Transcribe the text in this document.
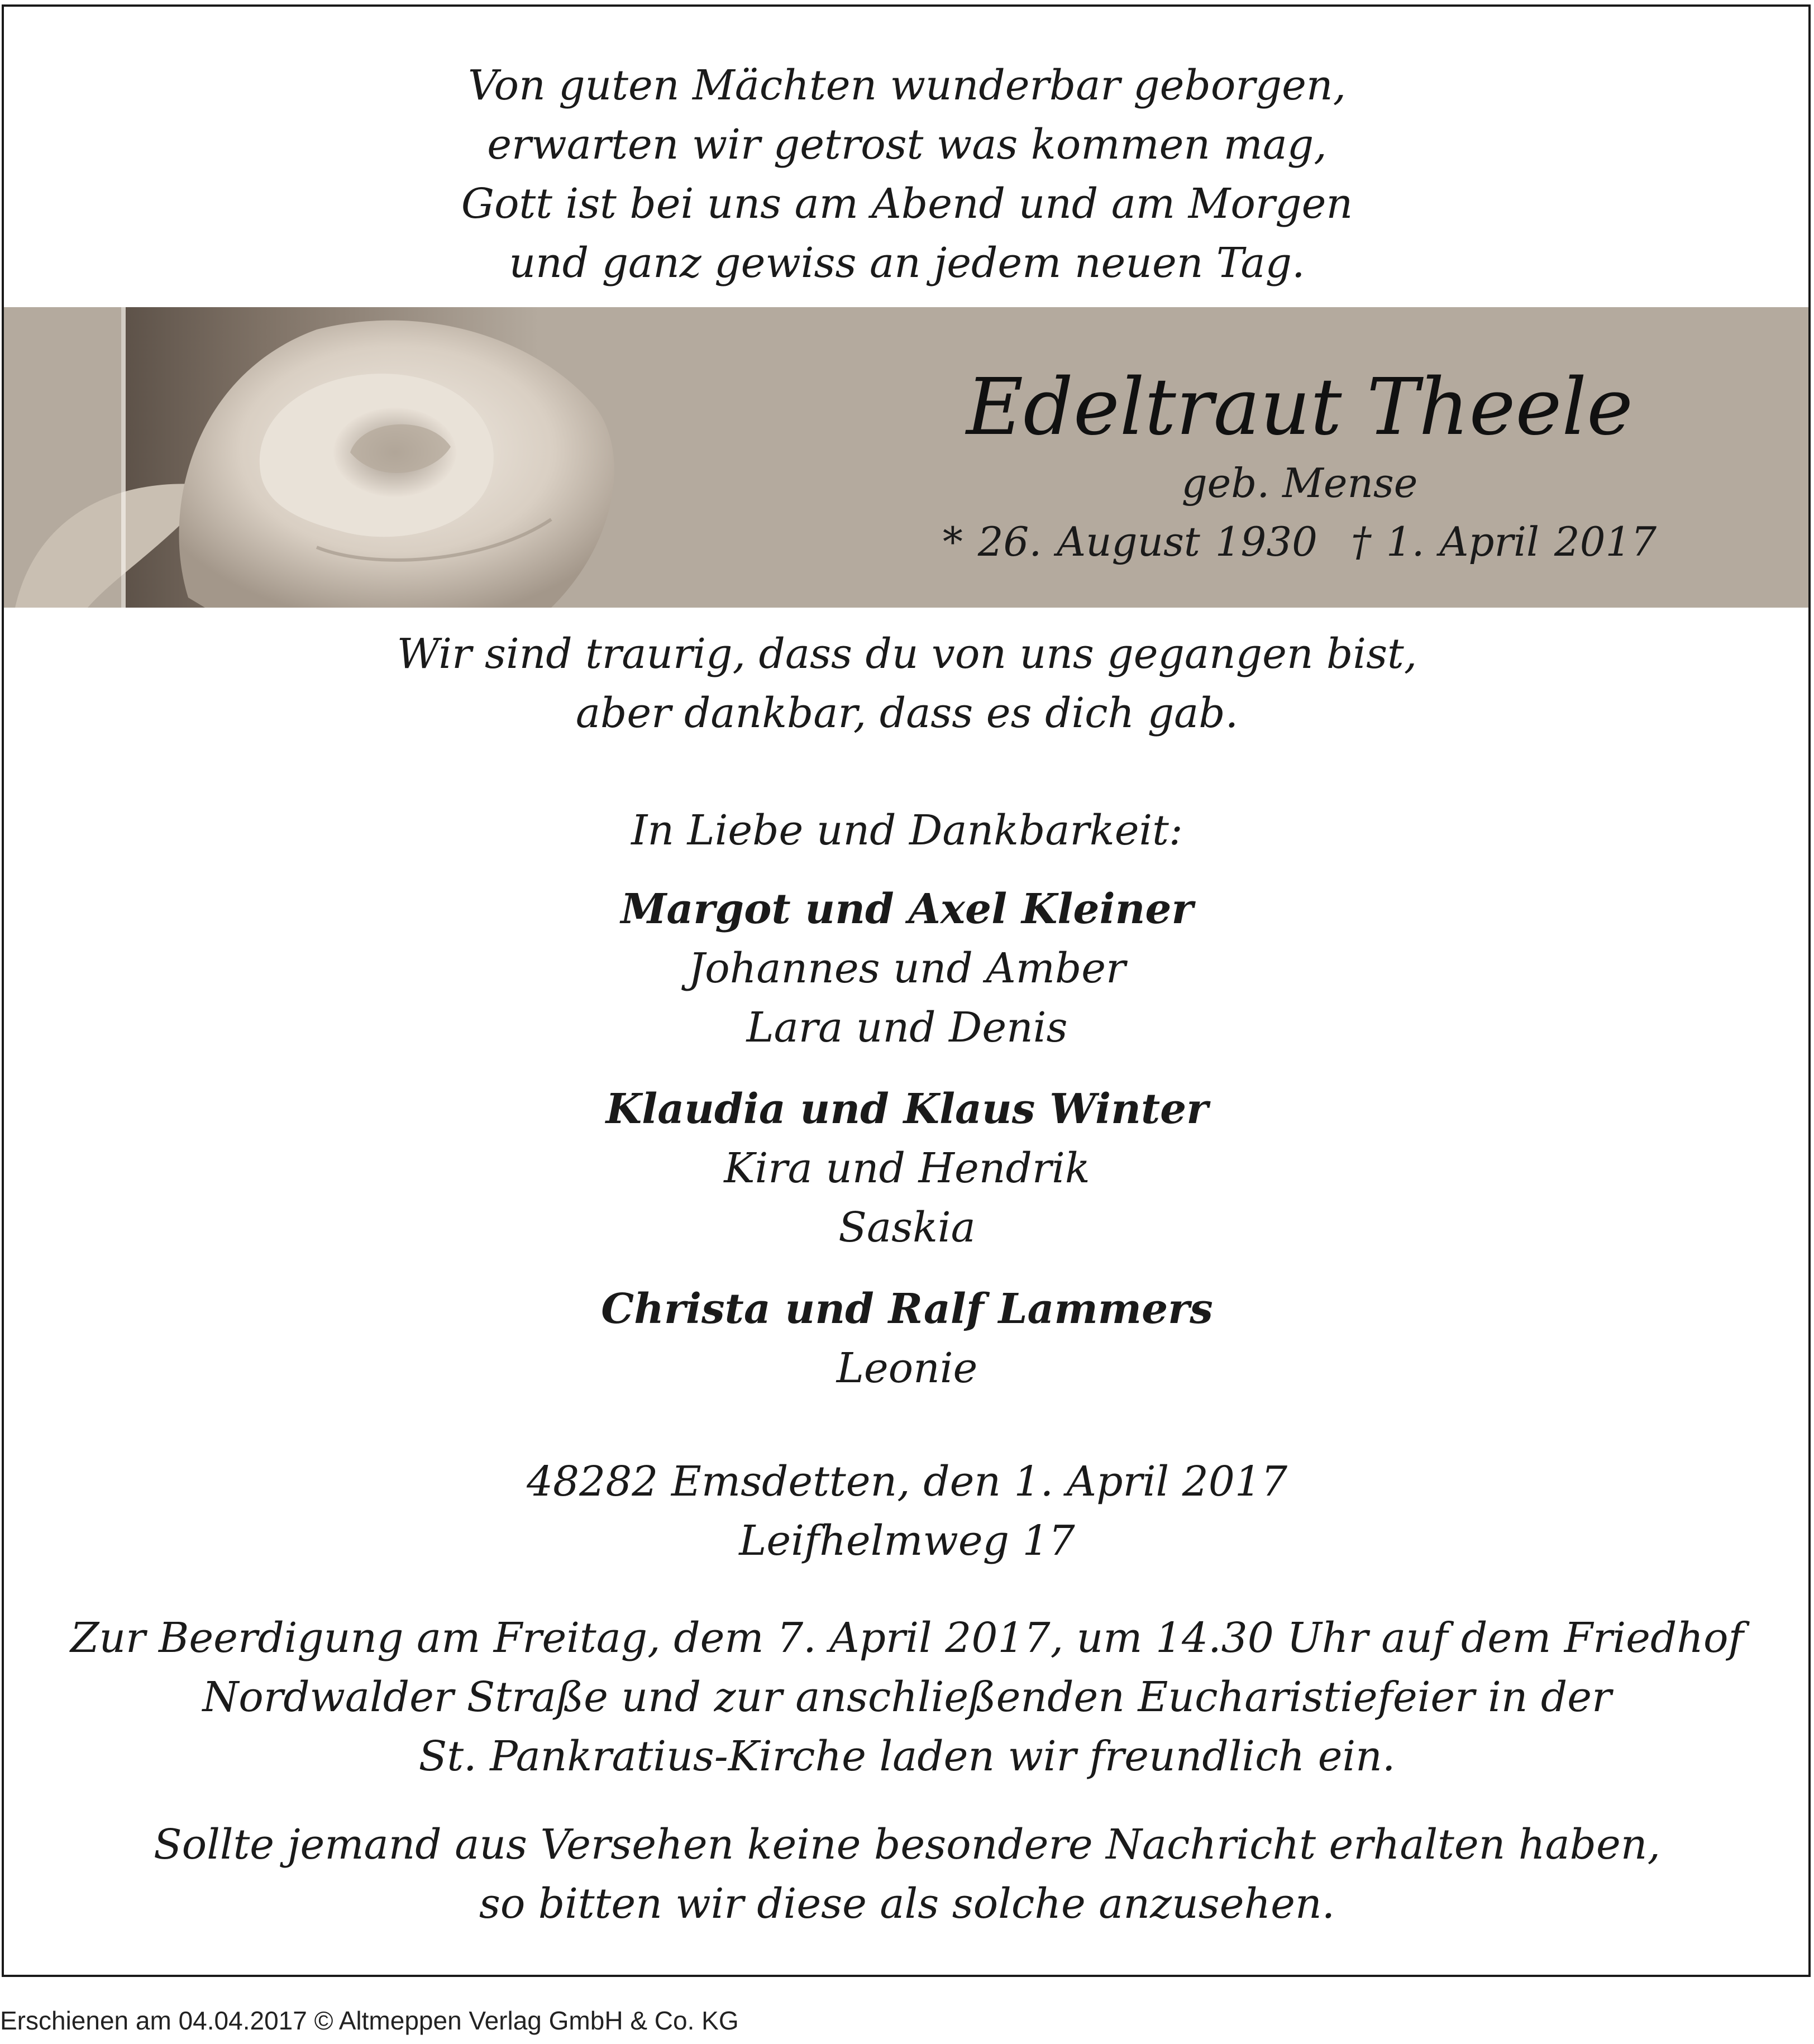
Von guten Mächten wunderbar geborgen,
erwarten wir getrost was kommen mag,
Gott ist bei uns am Abend und am Morgen
und ganz gewiss an jedem neuen Tag.
Edeltraut Theele
geb. Mense
* 26. August 1930 † 1. April 2017
Wir sind traurig, dass du von uns gegangen bist,
aber dankbar, dass es dich gab.
In Liebe und Dankbarkeit:
Margot und Axel Kleiner
Johannes und Amber
Lara und Denis
Klaudia und Klaus Winter
Kira und Hendrik
Saskia
Christa und Ralf Lammers
Leonie
48282 Emsdetten, den 1. April 2017
Leifhelmweg 17
Zur Beerdigung am Freitag, dem 7. April 2017, um 14.30 Uhr auf dem Friedhof
Nordwalder Straße und zur anschließenden Eucharistiefeier in der
St. Pankratius-Kirche laden wir freundlich ein.
Sollte jemand aus Versehen keine besondere Nachricht erhalten haben,
so bitten wir diese als solche anzusehen.
Erschienen am 04.04.2017 © Altmeppen Verlag GmbH & Co. KG
